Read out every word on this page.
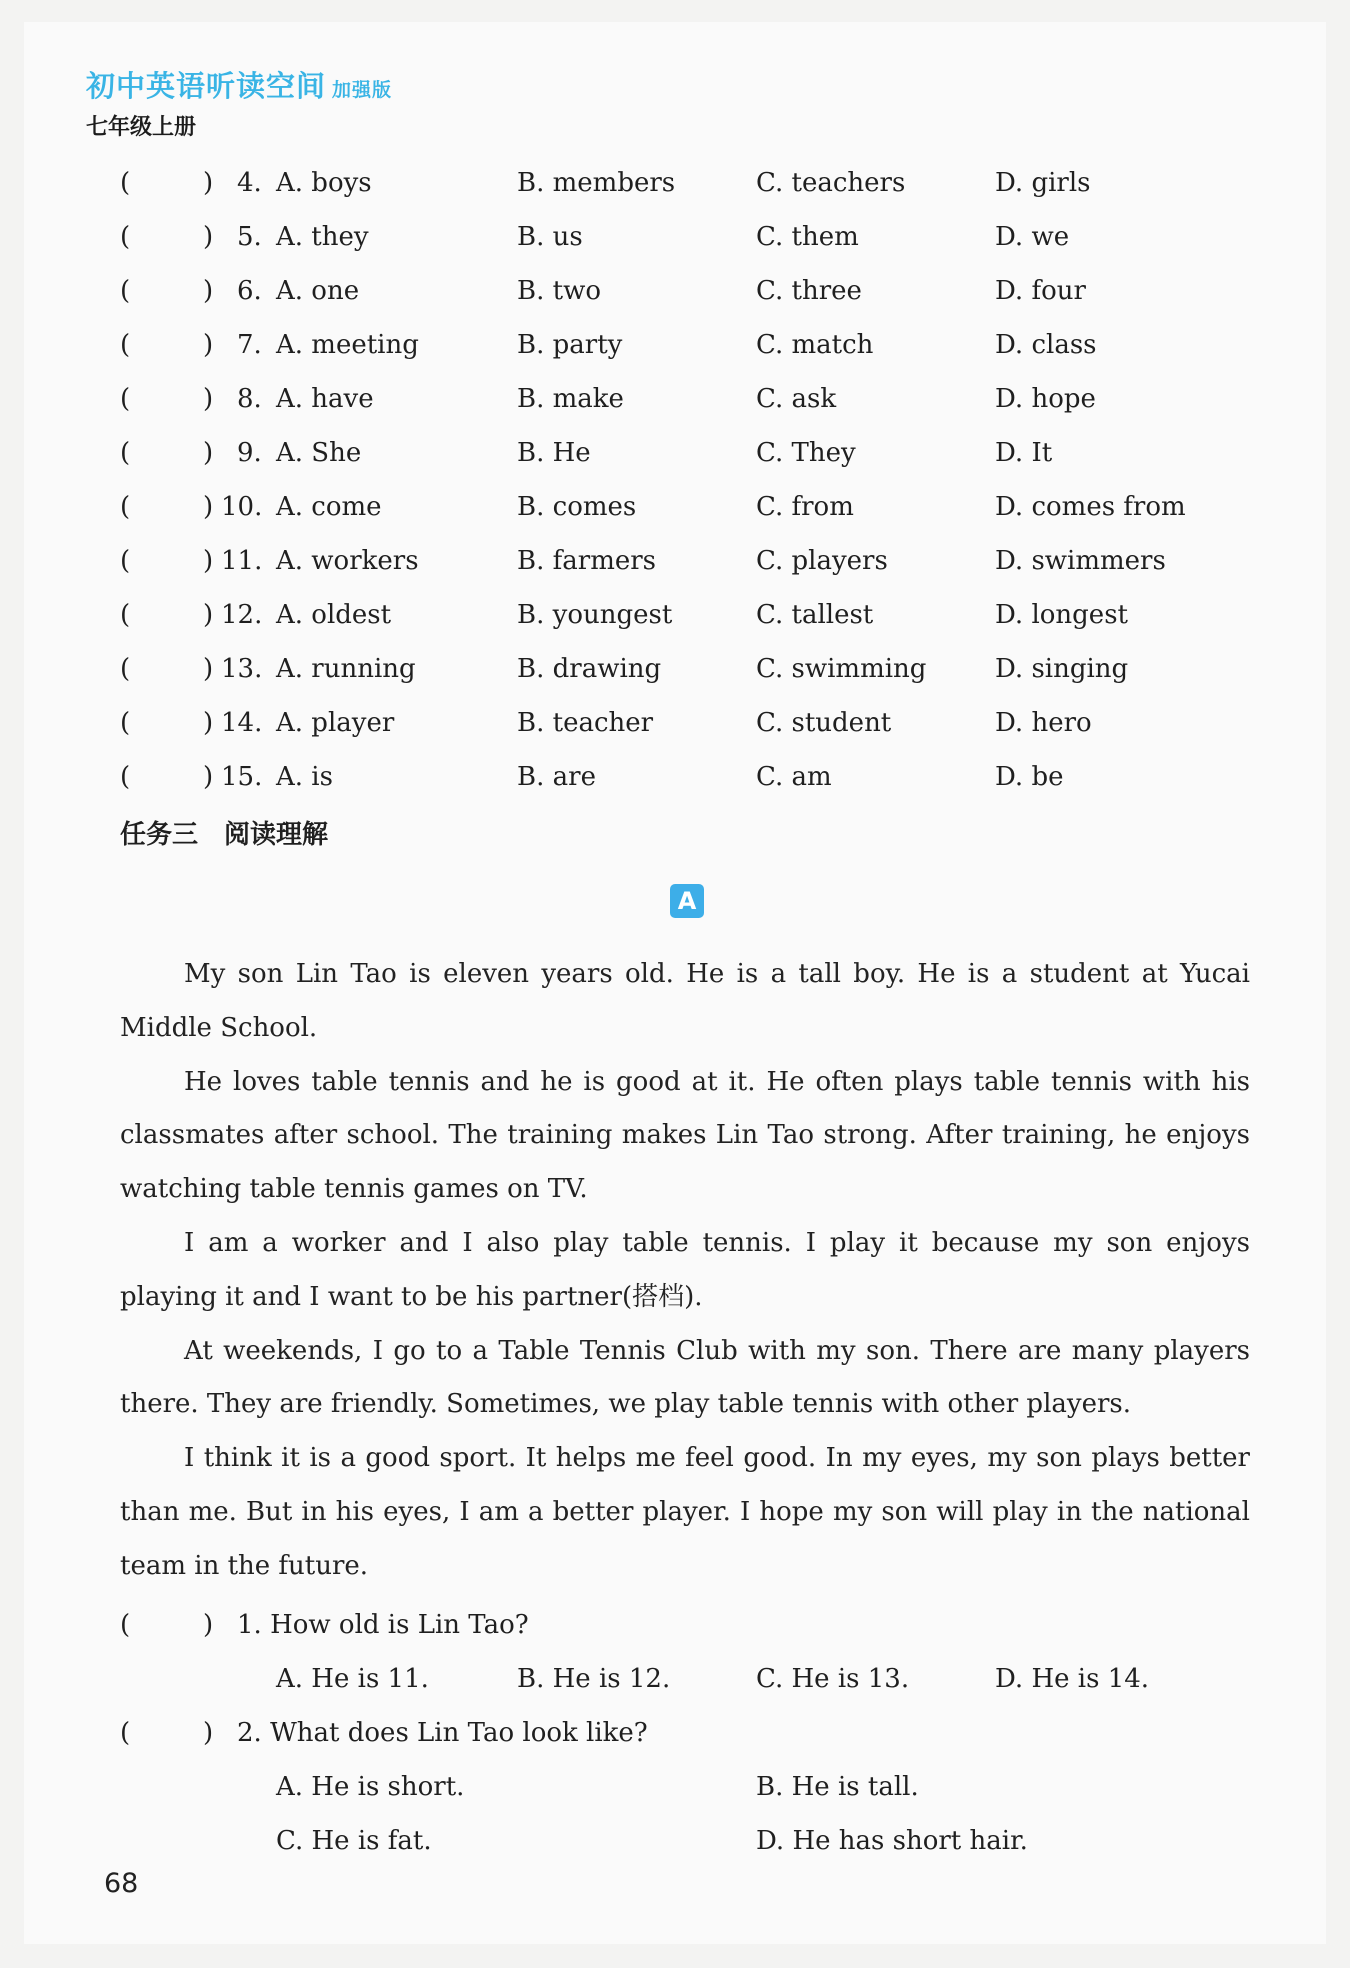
初中英语听读空间 加强版
七年级上册
(	) 4. A. boys	B. members	C. teachers	D. girls
(	) 5. A. they	B. us	C. them	D. we
(	) 6. A. one	B. two	C. three	D. four
(	) 7. A. meeting	B. party	C. match	D. class
(	) 8. A. have	B. make	C. ask	D. hope
(	) 9. A. She	B. He	C. They	D. It
(	) 10. A. come	B. comes	C. from	D. comes from
(	) 11. A. workers	B. farmers	C. players	D. swimmers
(	) 12. A. oldest	B. youngest	C. tallest	D. longest
(	) 13. A. running	B. drawing	C. swimming	D. singing
(	) 14. A. player	B. teacher	C. student	D. hero
(	) 15. A. is	B. are	C. am	D. be
任务三　阅读理解
A

My son Lin Tao is eleven years old. He is a tall boy. He is a student at Yucai Middle School.

He loves table tennis and he is good at it. He often plays table tennis with his classmates after school. The training makes Lin Tao strong. After training, he enjoys watching table tennis games on TV.

I am a worker and I also play table tennis. I play it because my son enjoys playing it and I want to be his partner(搭档).

At weekends, I go to a Table Tennis Club with my son. There are many players there. They are friendly. Sometimes, we play table tennis with other players.

I think it is a good sport. It helps me feel good. In my eyes, my son plays better than me. But in his eyes, I am a better player. I hope my son will play in the national team in the future.

(	) 1. How old is Lin Tao?
A. He is 11.	B. He is 12.	C. He is 13.	D. He is 14.
(	) 2. What does Lin Tao look like?
A. He is short.	B. He is tall.
C. He is fat.	D. He has short hair.
68
